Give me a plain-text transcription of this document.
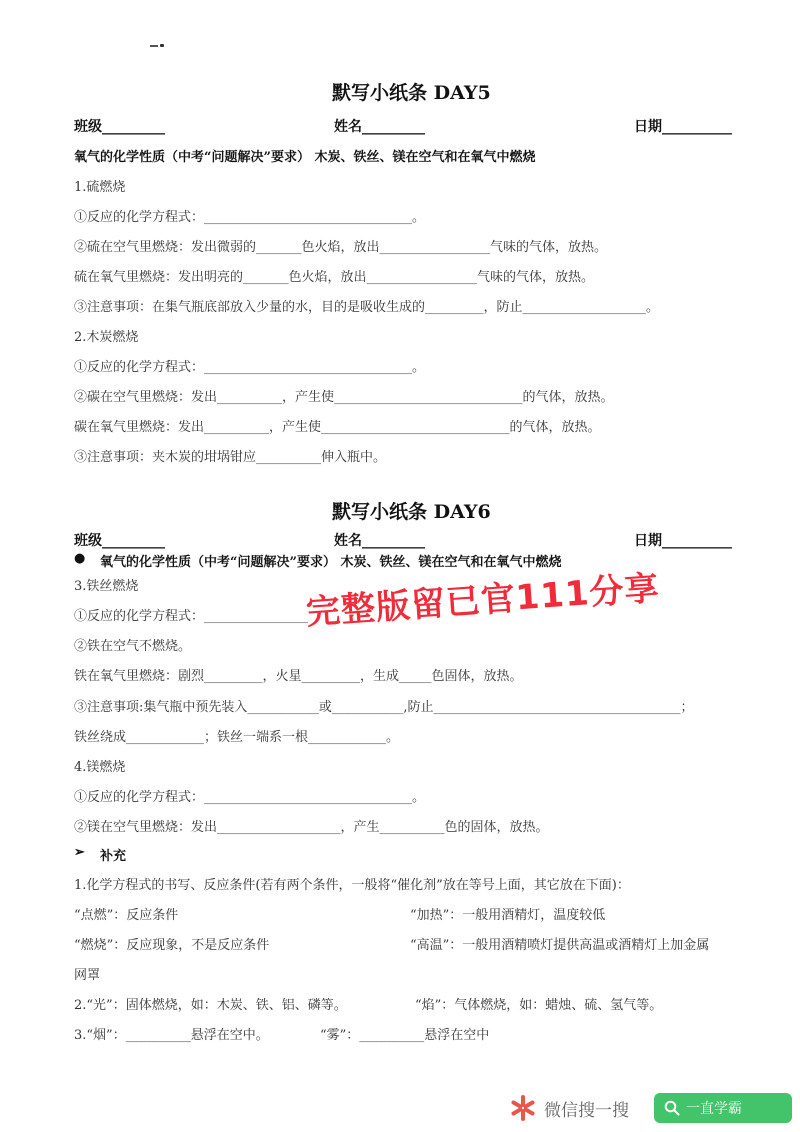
默写小纸条 DAY5
班级_________	姓名_________	日期__________
氧气的化学性质（中考“问题解决”要求） 木炭、铁丝、镁在空气和在氧气中燃烧
1.硫燃烧
①反应的化学方程式：________________________________。
②硫在空气里燃烧：发出微弱的_______色火焰，放出_________________气味的气体，放热。
硫在氧气里燃烧：发出明亮的_______色火焰，放出_________________气味的气体，放热。
③注意事项：在集气瓶底部放入少量的水，目的是吸收生成的_________，防止___________________。
2.木炭燃烧
①反应的化学方程式：________________________________。
②碳在空气里燃烧：发出__________，产生使_____________________________的气体，放热。
碳在氧气里燃烧：发出__________，产生使_____________________________的气体，放热。
③注意事项：夹木炭的坩埚钳应__________伸入瓶中。
默写小纸条 DAY6
班级_________	姓名_________	日期__________
● 氧气的化学性质（中考“问题解决”要求） 木炭、铁丝、镁在空气和在氧气中燃烧
3.铁丝燃烧
①反应的化学方程式：________________
②铁在空气不燃烧。
铁在氧气里燃烧：剧烈_________，火星_________，生成_____色固体，放热。
③注意事项:集气瓶中预先装入___________或___________,防止______________________________________；
铁丝绕成____________；铁丝一端系一根____________。
4.镁燃烧
①反应的化学方程式：________________________________。
②镁在空气里燃烧：发出___________________，产生__________色的固体，放热。
➢ 补充
1.化学方程式的书写、反应条件(若有两个条件，一般将“催化剂”放在等号上面，其它放在下面)：
“点燃”：反应条件	“加热”：一般用酒精灯，温度较低
“燃烧”：反应现象，不是反应条件	“高温”：一般用酒精喷灯提供高温或酒精灯上加金属
网罩
2.“光”：固体燃烧，如：木炭、铁、铝、磷等。	“焰”：气体燃烧，如：蜡烛、硫、氢气等。
3.“烟”：__________悬浮在空中。	“雾”：__________悬浮在空中
完整版留已官111分享
微信搜一搜	一直学霸
